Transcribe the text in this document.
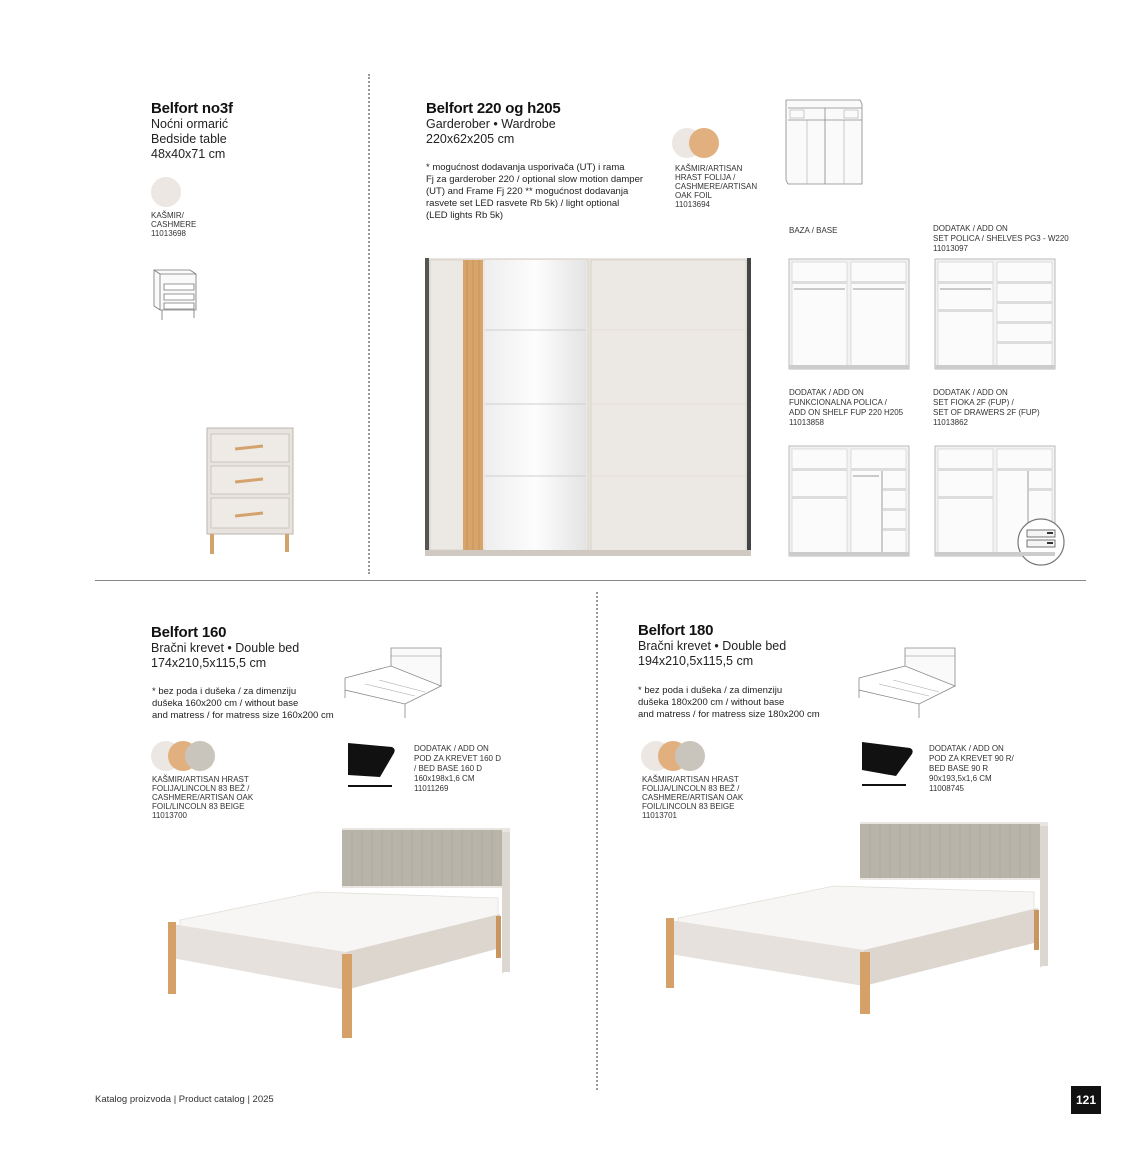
Belfort no3f
Noćni ormarić
Bedside table
48x40x71 cm
KAŠMIR/
CASHMERE
11013698
Belfort 220 og h205
Garderober • Wardrobe
220x62x205 cm
* mogućnost dodavanja usporivača (UT) i rama
Fj za garderober 220 / optional slow motion damper
(UT) and Frame Fj 220 ** mogućnost dodavanja
rasvete set LED rasvete Rb 5k) / light optional
(LED lights Rb 5k)
KAŠMIR/ARTISAN
HRAST FOLIJA /
CASHMERE/ARTISAN
OAK FOIL
11013694
BAZA / BASE	DODATAK / ADD ON
SET POLICA / SHELVES PG3 - W220
11013097
DODATAK / ADD ON
FUNKCIONALNA POLICA /
ADD ON SHELF FUP 220 H205
11013858
DODATAK / ADD ON
SET FIOKA 2F (FUP) /
SET OF DRAWERS 2F (FUP)
11013862
Belfort 160
Bračni krevet • Double bed
174x210,5x115,5 cm
* bez poda i dušeka / za dimenziju
dušeka 160x200 cm / without base
and matress / for matress size 160x200 cm
KAŠMIR/ARTISAN HRAST
FOLIJA/LINCOLN 83 BEŽ /
CASHMERE/ARTISAN OAK
FOIL/LINCOLN 83 BEIGE
11013700
DODATAK / ADD ON
POD ZA KREVET 160 D
/ BED BASE 160 D
160x198x1,6 CM
11011269
Belfort 180
Bračni krevet • Double bed
194x210,5x115,5 cm
* bez poda i dušeka / za dimenziju
dušeka 180x200 cm / without base
and matress / for matress size 180x200 cm
KAŠMIR/ARTISAN HRAST
FOLIJA/LINCOLN 83 BEŽ /
CASHMERE/ARTISAN OAK
FOIL/LINCOLN 83 BEIGE
11013701
DODATAK / ADD ON
POD ZA KREVET 90 R/
BED BASE 90 R
90x193,5x1,6 CM
11008745
Katalog proizvoda | Product catalog | 2025	121
